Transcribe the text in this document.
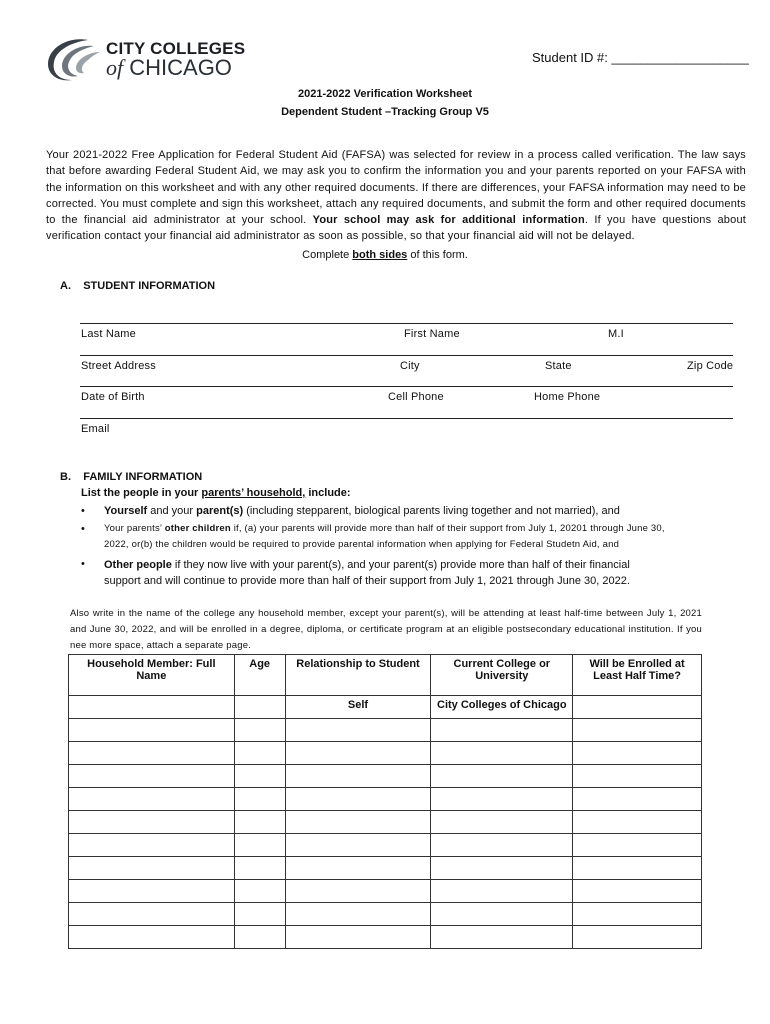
CITY COLLEGES
of CHICAGO	Student ID #: ___________________
2021-2022 Verification Worksheet
Dependent Student –Tracking Group V5
Your 2021-2022 Free Application for Federal Student Aid (FAFSA) was selected for review in a process called verification. The law says that before awarding Federal Student Aid, we may ask you to confirm the information you and your parents reported on your FAFSA with the information on this worksheet and with any other required documents. If there are differences, your FAFSA information may need to be corrected. You must complete and sign this worksheet, attach any required documents, and submit the form and other required documents to the financial aid administrator at your school. Your school may ask for additional information. If you have questions about verification contact your financial aid administrator as soon as possible, so that your financial aid will not be delayed.
Complete both sides of this form.
A.    STUDENT INFORMATION
Last Name	First Name	M.I
Street Address	City	State	Zip Code
Date of Birth	Cell Phone	Home Phone
Email
B.    FAMILY INFORMATION
List the people in your parents’ household, include:
• Yourself and your parent(s) (including stepparent, biological parents living together and not married), and
• Your parents’ other children if, (a) your parents will provide more than half of their support from July 1, 20201 through June 30,
2022, or(b) the children would be required to provide parental information when applying for Federal Studetn Aid, and
• Other people if they now live with your parent(s), and your parent(s) provide more than half of their financial
support and will continue to provide more than half of their support from July 1, 2021 through June 30, 2022.
Also write in the name of the college any household member, except your parent(s), will be attending at least half-time between July 1, 2021 and June 30, 2022, and will be enrolled in a degree, diploma, or certificate program at an eligible postsecondary educational institution. If you nee more space, attach a separate page.
Household Member: Full Name	Age	Relationship to Student	Current College or University	Will be Enrolled at Least Half Time?
		Self	City Colleges of Chicago	
